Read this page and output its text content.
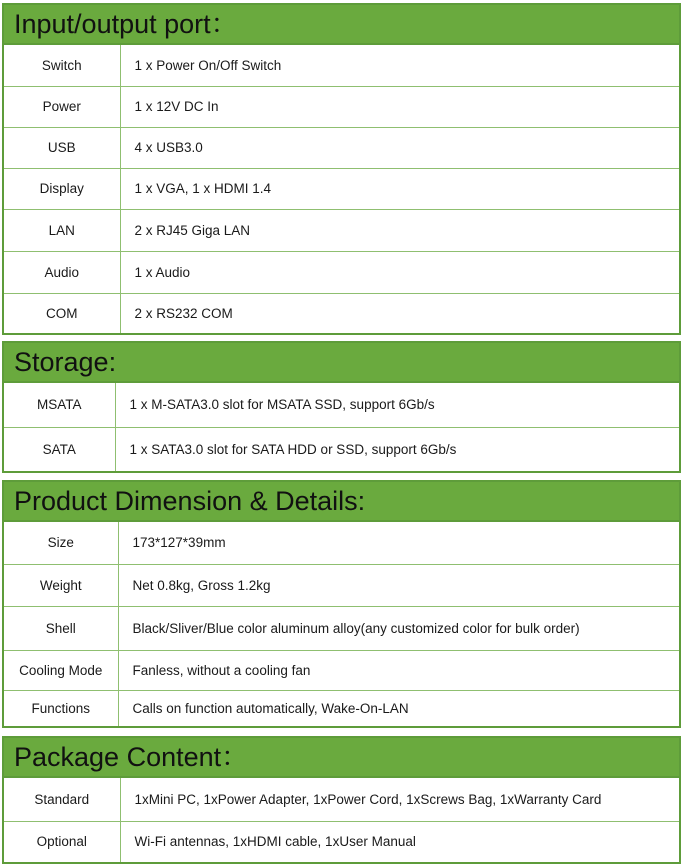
Input/output port：
Switch	1 x Power On/Off Switch
Power	1 x 12V DC In
USB	4 x USB3.0
Display	1 x VGA, 1 x HDMI 1.4
LAN	2 x RJ45 Giga LAN
Audio	1 x Audio
COM	2 x RS232 COM
Storage:
MSATA	1 x M-SATA3.0 slot for MSATA SSD, support 6Gb/s
SATA	1 x SATA3.0 slot for SATA HDD or SSD, support 6Gb/s
Product Dimension & Details:
Size	173*127*39mm
Weight	Net 0.8kg, Gross 1.2kg
Shell	Black/Sliver/Blue color aluminum alloy(any customized color for bulk order)
Cooling Mode	Fanless, without a cooling fan
Functions	Calls on function automatically, Wake-On-LAN
Package Content：
Standard	1xMini PC, 1xPower Adapter, 1xPower Cord, 1xScrews Bag, 1xWarranty Card
Optional	Wi-Fi antennas, 1xHDMI cable, 1xUser Manual
